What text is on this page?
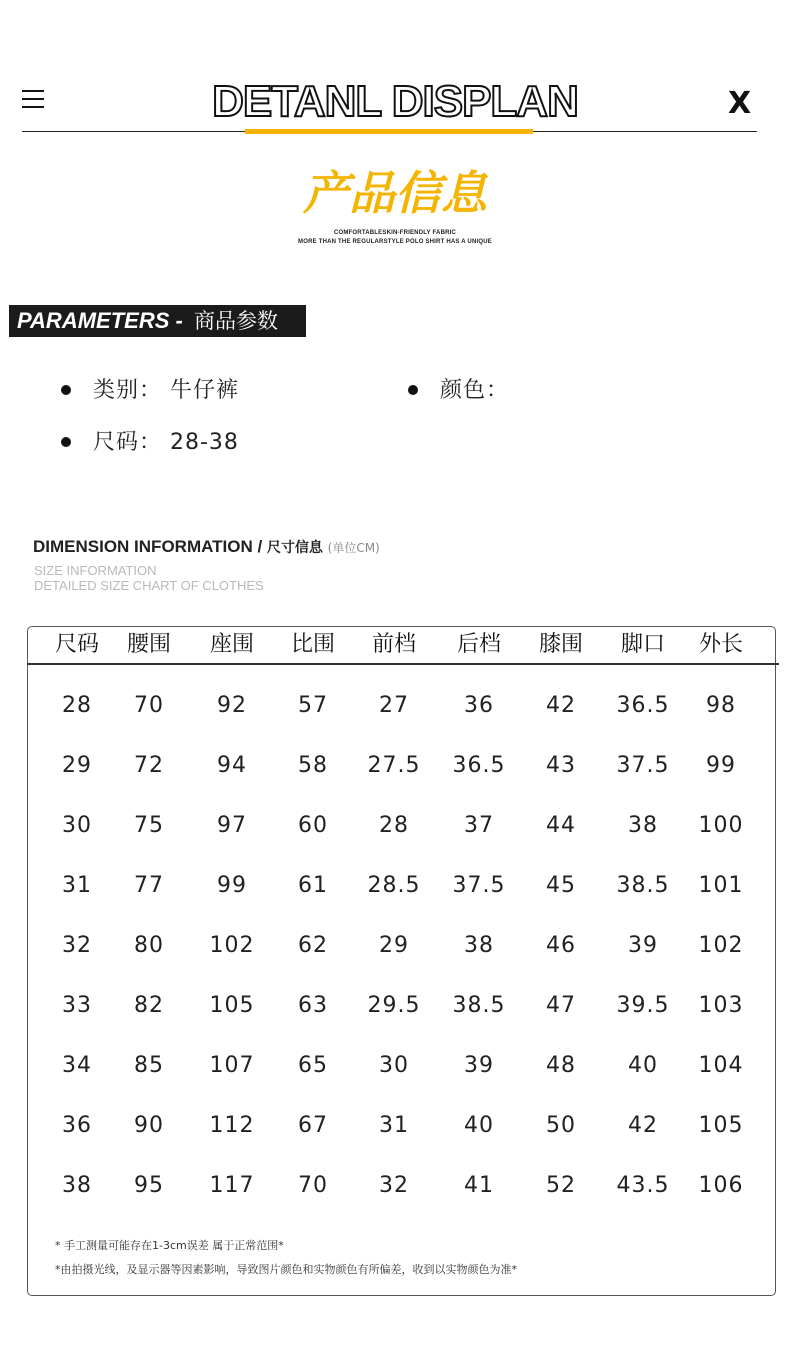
DETANL DISPLAN	X
产品信息
COMFORTABLESKIN-FRIENDLY FABRIC
MORE THAN THE REGULARSTYLE POLO SHIRT HAS A UNIQUE
PARAMETERS - 商品参数
类别： 牛仔裤	颜色：
尺码： 28-38
DIMENSION INFORMATION / 尺寸信息 (单位CM)
SIZE INFORMATION
DETAILED SIZE CHART OF CLOTHES
尺码	腰围	座围	比围	前档	后档	膝围	脚口	外长
28	70	92	57	27	36	42	36.5	98
29	72	94	58	27.5	36.5	43	37.5	99
30	75	97	60	28	37	44	38	100
31	77	99	61	28.5	37.5	45	38.5	101
32	80	102	62	29	38	46	39	102
33	82	105	63	29.5	38.5	47	39.5	103
34	85	107	65	30	39	48	40	104
36	90	112	67	31	40	50	42	105
38	95	117	70	32	41	52	43.5	106
* 手工测量可能存在1-3cm误差 属于正常范围*
*由拍摄光线，及显示器等因素影响，导致图片颜色和实物颜色有所偏差，收到以实物颜色为准*
